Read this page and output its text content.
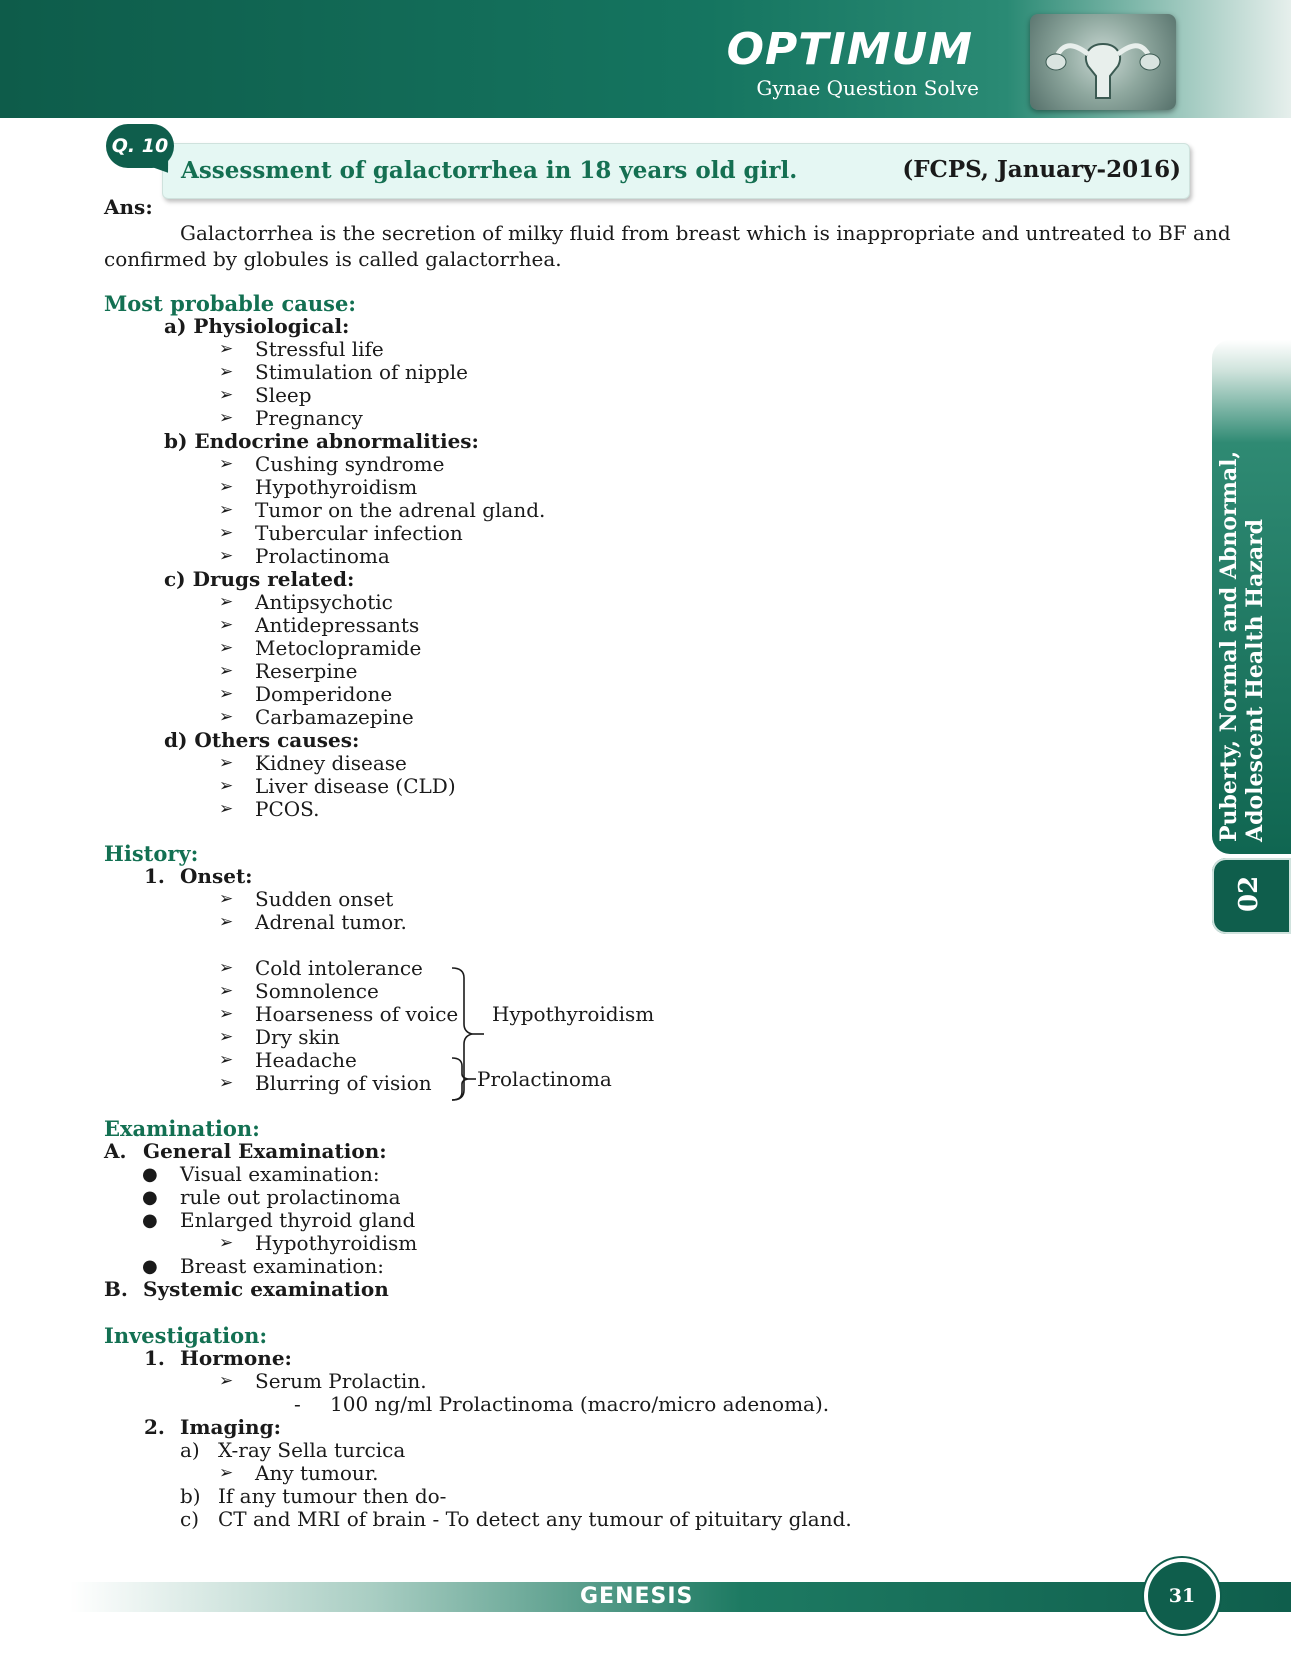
OPTIMUM
Gynae Question Solve
Assessment of galactorrhea in 18 years old girl.	(FCPS, January-2016)
Q. 10
Ans:
Galactorrhea is the secretion of milky fluid from breast which is inappropriate and untreated to BF and
confirmed by globules is called galactorrhea.
Most probable cause:
a) Physiological:
➢ Stressful life
➢ Stimulation of nipple
➢ Sleep
➢ Pregnancy
b) Endocrine abnormalities:
➢ Cushing syndrome
➢ Hypothyroidism
➢ Tumor on the adrenal gland.
➢ Tubercular infection
➢ Prolactinoma
c) Drugs related:
➢ Antipsychotic
➢ Antidepressants
➢ Metoclopramide
➢ Reserpine
➢ Domperidone
➢ Carbamazepine
d) Others causes:
➢ Kidney disease
➢ Liver disease (CLD)
➢ PCOS.
History:
1. Onset:
➢ Sudden onset
➢ Adrenal tumor.
➢ Cold intolerance
➢ Somnolence
➢ Hoarseness of voice
➢ Dry skin
➢ Headache
➢ Blurring of vision
Hypothyroidism
Prolactinoma
Examination:
A. General Examination:
● Visual examination:
● rule out prolactinoma
● Enlarged thyroid gland
➢ Hypothyroidism
● Breast examination:
B. Systemic examination
Investigation:
1. Hormone:
➢ Serum Prolactin.
- 100 ng/ml Prolactinoma (macro/micro adenoma).
2. Imaging:
a) X-ray Sella turcica
➢ Any tumour.
b) If any tumour then do-
c) CT and MRI of brain - To detect any tumour of pituitary gland.
Puberty, Normal and Abnormal, Adolescent Health Hazard
02
GENESIS	31
